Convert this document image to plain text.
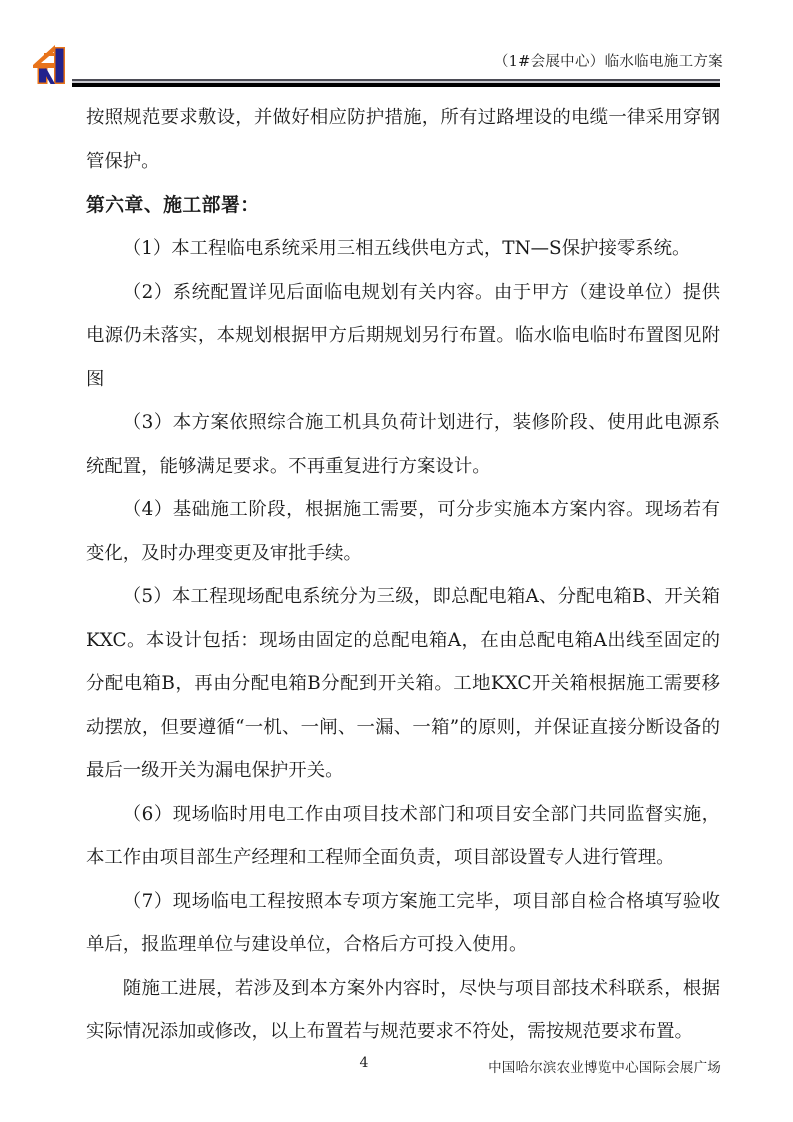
（1#会展中心）临水临电施工方案

按照规范要求敷设，并做好相应防护措施，所有过路埋设的电缆一律采用穿钢管保护。

第六章、施工部署：

（1）本工程临电系统采用三相五线供电方式，TN—S保护接零系统。

（2）系统配置详见后面临电规划有关内容。由于甲方（建设单位）提供电源仍未落实，本规划根据甲方后期规划另行布置。临水临电临时布置图见附图

（3）本方案依照综合施工机具负荷计划进行，装修阶段、使用此电源系统配置，能够满足要求。不再重复进行方案设计。

（4）基础施工阶段，根据施工需要，可分步实施本方案内容。现场若有变化，及时办理变更及审批手续。

（5）本工程现场配电系统分为三级，即总配电箱A、分配电箱B、开关箱KXC。本设计包括：现场由固定的总配电箱A，在由总配电箱A出线至固定的分配电箱B，再由分配电箱B分配到开关箱。工地KXC开关箱根据施工需要移动摆放，但要遵循“一机、一闸、一漏、一箱”的原则，并保证直接分断设备的最后一级开关为漏电保护开关。

（6）现场临时用电工作由项目技术部门和项目安全部门共同监督实施，本工作由项目部生产经理和工程师全面负责，项目部设置专人进行管理。

（7）现场临电工程按照本专项方案施工完毕，项目部自检合格填写验收单后，报监理单位与建设单位，合格后方可投入使用。

随施工进展，若涉及到本方案外内容时，尽快与项目部技术科联系，根据实际情况添加或修改，以上布置若与规范要求不符处，需按规范要求布置。

4	中国哈尔滨农业博览中心国际会展广场
